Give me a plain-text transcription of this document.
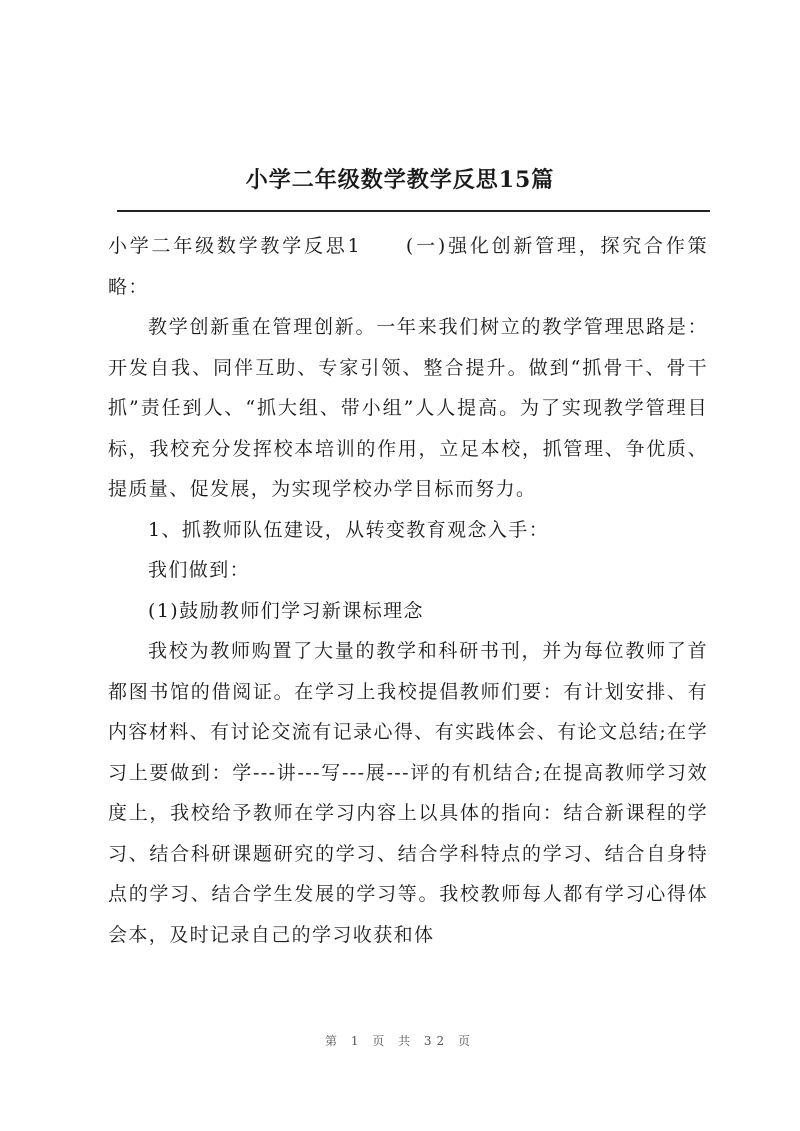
小学二年级数学教学反思15篇

小学二年级数学教学反思1　　(一)强化创新管理，探究合作策略：

教学创新重在管理创新。一年来我们树立的教学管理思路是：开发自我、同伴互助、专家引领、整合提升。做到“抓骨干、骨干抓”责任到人、“抓大组、带小组”人人提高。为了实现教学管理目标，我校充分发挥校本培训的作用，立足本校，抓管理、争优质、提质量、促发展，为实现学校办学目标而努力。

1、抓教师队伍建设，从转变教育观念入手：

我们做到：

(1)鼓励教师们学习新课标理念

我校为教师购置了大量的教学和科研书刊，并为每位教师了首都图书馆的借阅证。在学习上我校提倡教师们要：有计划安排、有内容材料、有讨论交流有记录心得、有实践体会、有论文总结;在学习上要做到：学---讲---写---展---评的有机结合;在提高教师学习效度上，我校给予教师在学习内容上以具体的指向：结合新课程的学习、结合科研课题研究的学习、结合学科特点的学习、结合自身特点的学习、结合学生发展的学习等。我校教师每人都有学习心得体会本，及时记录自己的学习收获和体

第 1 页 共 32 页
